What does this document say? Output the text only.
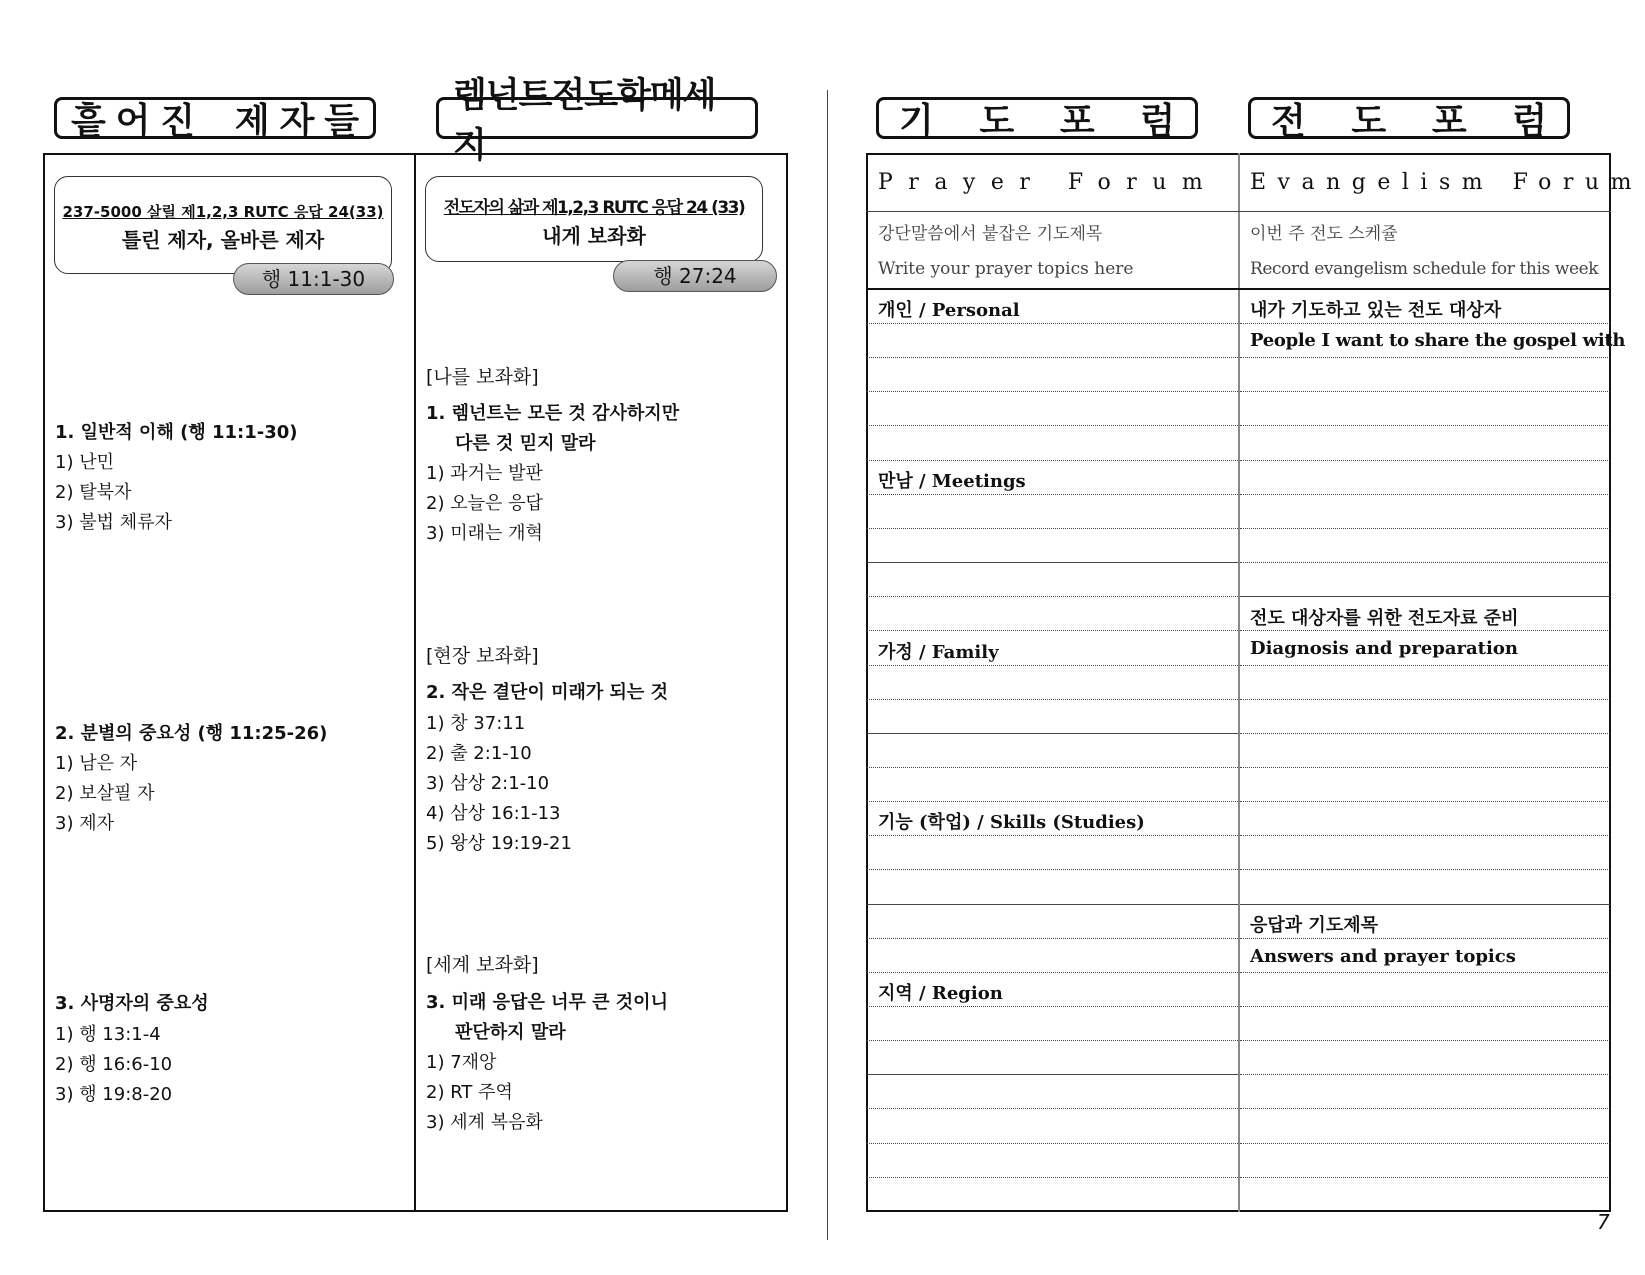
흩 어 진 제 자 들
렘넌트전도학메세지
237-5000 살릴 제1,2,3 RUTC 응답 24(33)
틀린 제자, 올바른 제자
행 11:1-30
전도자의 삶과 제1,2,3 RUTC 응답 24 (33)
내게 보좌화
행 27:24
1. 일반적 이해 (행 11:1-30)
1) 난민
2) 탈북자
3) 불법 체류자
2. 분별의 중요성 (행 11:25-26)
1) 남은 자
2) 보살필 자
3) 제자
3. 사명자의 중요성
1) 행 13:1-4
2) 행 16:6-10
3) 행 19:8-20
[나를 보좌화]
1. 렘넌트는 모든 것 감사하지만
다른 것 믿지 말라
1) 과거는 발판
2) 오늘은 응답
3) 미래는 개혁
[현장 보좌화]
2. 작은 결단이 미래가 되는 것
1) 창 37:11
2) 출 2:1-10
3) 삼상 2:1-10
4) 삼상 16:1-13
5) 왕상 19:19-21
[세계 보좌화]
3. 미래 응답은 너무 큰 것이니
판단하지 말라
1) 7재앙
2) RT 주역
3) 세계 복음화
기 도 포 럼	전 도 포 럼
Prayer Forum Evangelism Forum
강단말씀에서 붙잡은 기도제목
Write your prayer topics here
이번 주 전도 스케쥴
Record evangelism schedule for this week
개인 / Personal
만남 / Meetings
가정 / Family
기능 (학업) / Skills (Studies)
지역 / Region
내가 기도하고 있는 전도 대상자
People I want to share the gospel with
전도 대상자를 위한 전도자료 준비
Diagnosis and preparation
응답과 기도제목
Answers and prayer topics
7
